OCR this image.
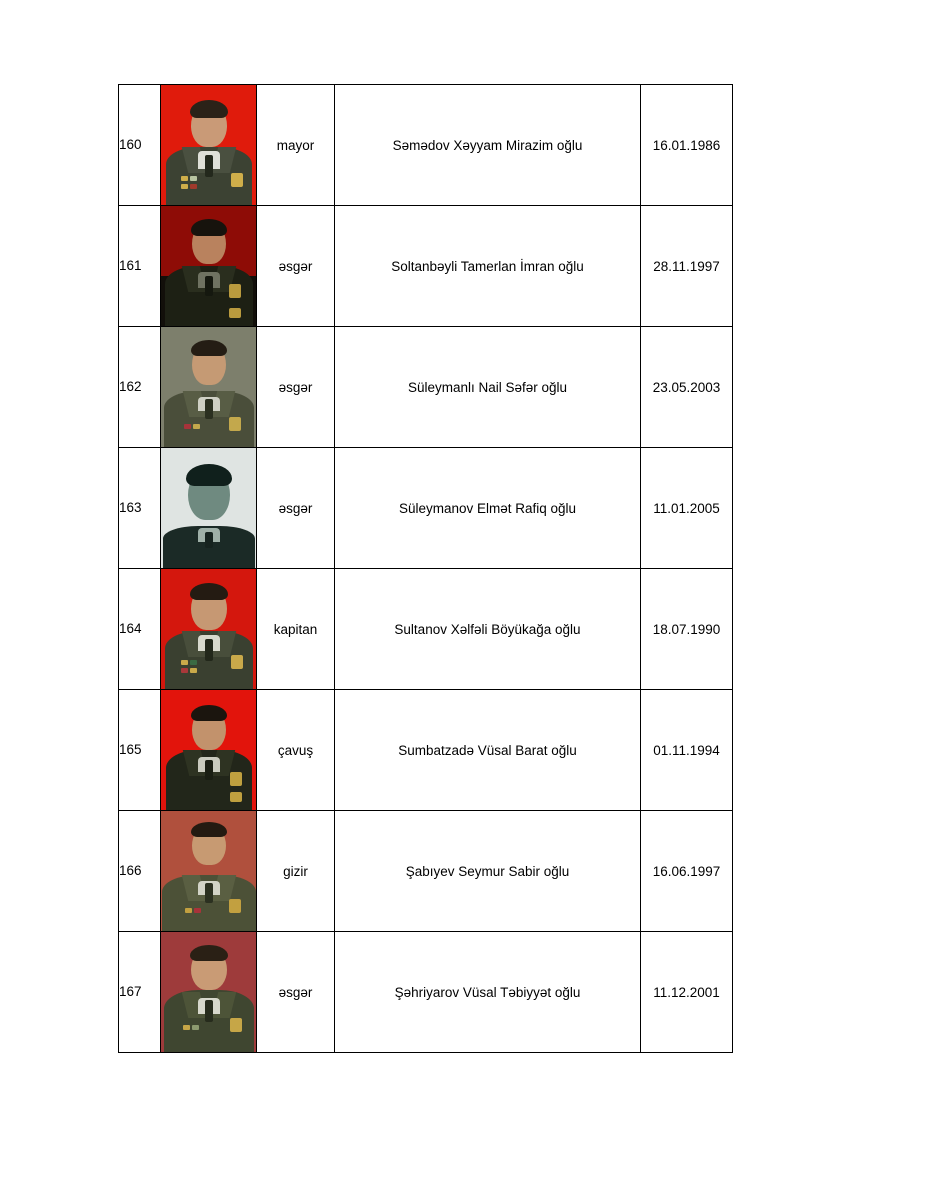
160		mayor	Səmədov Xəyyam Mirazim oğlu	16.01.1986
161		əsgər	Soltanbəyli Tamerlan İmran oğlu	28.11.1997
162		əsgər	Süleymanlı Nail Səfər oğlu	23.05.2003
163		əsgər	Süleymanov Elmət Rafiq oğlu	11.01.2005
164		kapitan	Sultanov Xəlfəli Böyükağa oğlu	18.07.1990
165		çavuş	Sumbatzadə Vüsal Barat oğlu	01.11.1994
166		gizir	Şabıyev Seymur Sabir oğlu	16.06.1997
167		əsgər	Şəhriyarov Vüsal Təbiyyət oğlu	11.12.2001
